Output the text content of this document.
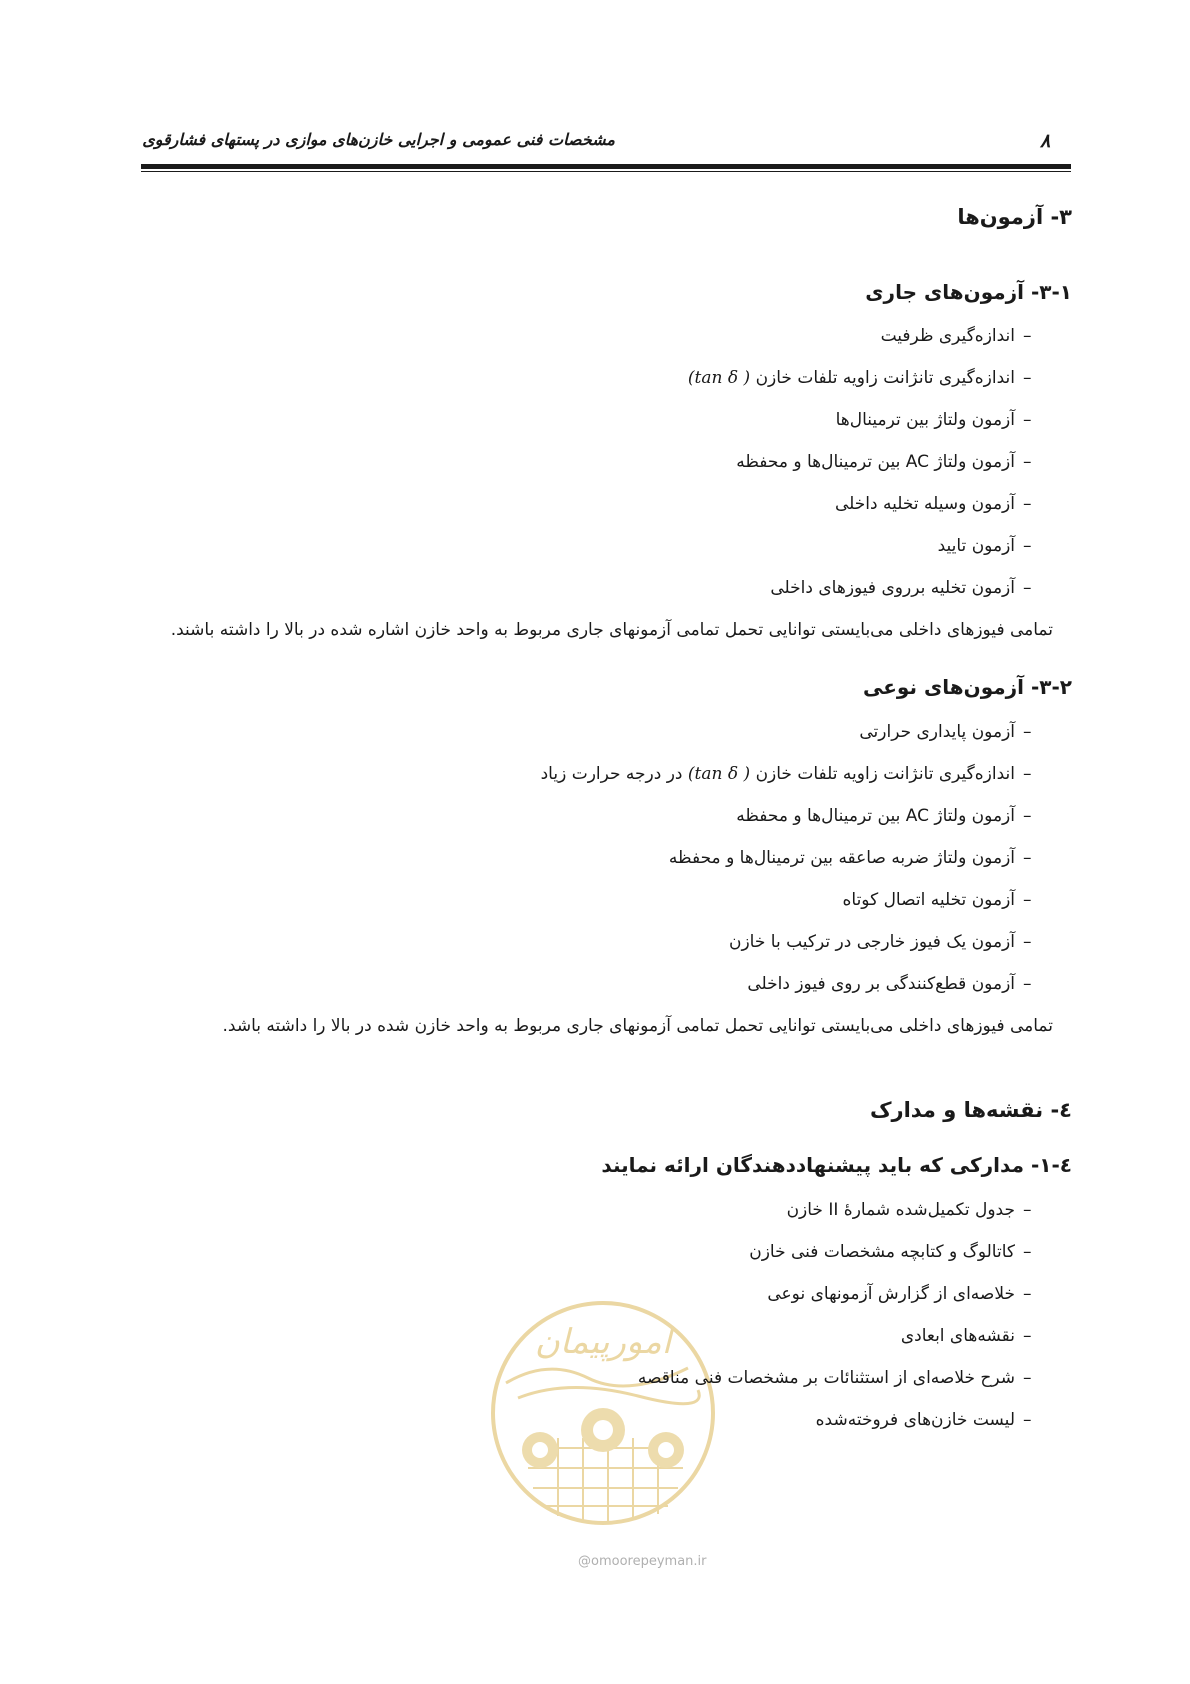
۸
مشخصات فنی عمومی و اجرایی خازن‌های موازی در پستهای فشارقوی
۳- آزمون‌ها
۳-۱- آزمون‌های جاری
–
اندازه‌گیری ظرفیت
–
اندازه‌گیری تانژانت زاویه تلفات خازن (tan δ )
–
آزمون ولتاژ بین ترمینال‌ها
–
آزمون ولتاژ AC بین ترمینال‌ها و محفظه
–
آزمون وسیله تخلیه داخلی
–
آزمون تایید
–
آزمون تخلیه برروی فیوزهای داخلی
تمامی فیوزهای داخلی می‌بایستی توانایی تحمل تمامی آزمونهای جاری مربوط به واحد خازن اشاره شده در بالا را داشته باشند.
۳-۲- آزمون‌های نوعی
–
آزمون پایداری حرارتی
–
اندازه‌گیری تانژانت زاویه تلفات خازن (tan δ ) در درجه حرارت زیاد
–
آزمون ولتاژ AC بین ترمینال‌ها و محفظه
–
آزمون ولتاژ ضربه صاعقه بین ترمینال‌ها و محفظه
–
آزمون تخلیه اتصال کوتاه
–
آزمون یک فیوز خارجی در ترکیب با خازن
–
آزمون قطع‌کنندگی بر روی فیوز داخلی
تمامی فیوزهای داخلی می‌بایستی توانایی تحمل تمامی آزمونهای جاری مربوط به واحد خازن شده در بالا را داشته باشد.
٤- نقشه‌ها و مدارک
٤-۱- مدارکی که باید پیشنهاددهندگان ارائه نمایند
امورپیمان
–
جدول تکمیل‌شده شمارۀ II خازن
–
کاتالوگ و کتابچه مشخصات فنی خازن
–
خلاصه‌ای از گزارش آزمونهای نوعی
–
نقشه‌های ابعادی
–
شرح خلاصه‌ای از استثنائات بر مشخصات فنی مناقصه
–
لیست خازن‌های فروخته‌شده
@omoorepeyman.ir
